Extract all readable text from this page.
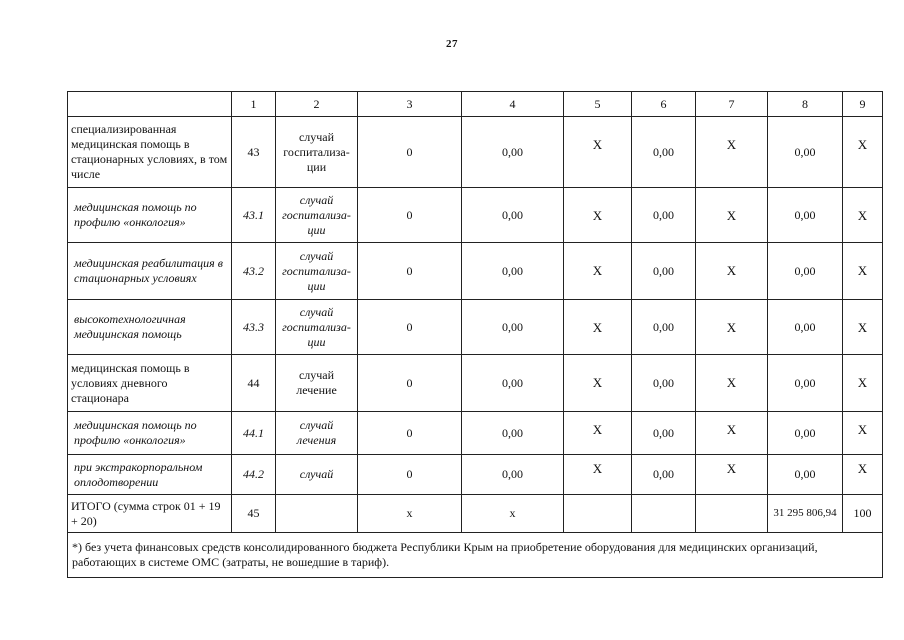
27
	1	2	3	4	5	6	7	8	9
специализированная медицинская помощь в стационарных условиях, в том числе	43	случай госпитализа-ции	0	0,00	X	0,00	X	0,00	X
медицинская помощь по профилю «онкология»	43.1	случай госпитализа-ции	0	0,00	X	0,00	X	0,00	X
медицинская реабилитация в стационарных условиях	43.2	случай госпитализа-ции	0	0,00	X	0,00	X	0,00	X
высокотехнологичная медицинская помощь	43.3	случай госпитализа-ции	0	0,00	X	0,00	X	0,00	X
медицинская помощь в условиях дневного стационара	44	случай лечение	0	0,00	X	0,00	X	0,00	X
медицинская помощь по профилю «онкология»	44.1	случай лечения	0	0,00	X	0,00	X	0,00	X
при экстракорпоральном оплодотворении	44.2	случай	0	0,00	X	0,00	X	0,00	X
ИТОГО (сумма строк 01 + 19 + 20)	45		x	x				31 295 806,94	100
*) без учета финансовых средств консолидированного бюджета Республики Крым на приобретение оборудования для медицинских организаций, работающих в системе ОМС (затраты, не вошедшие в тариф).									
